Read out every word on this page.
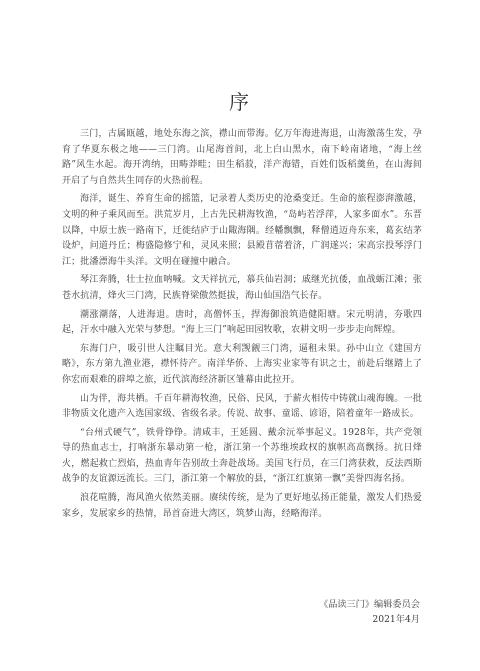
序

三门，古属瓯越，地处东海之滨，襟山而带海。亿万年海进海退，山海激荡生发，孕育了华夏东极之地——三门湾。山尾海首间，北上白山黑水，南下岭南诸地，“海上丝路”风生水起。海开湾纳，田畴莽畦；田生稻菽，洋产海错，百姓们饭稻羹鱼，在山海间开启了与自然共生同存的火热前程。

海洋，诞生、养育生命的摇篮，记录着人类历史的沧桑变迁。生命的旅程澎湃激越，文明的种子乘风而至。洪荒岁月，上古先民耕海牧渔，“岛屿若浮萍，人家多面水”。东晋以降，中原士族一路南下，迁徙结庐于山陬海隅。经幡飘飘，释僧逍迈舟东来，葛玄结茅设炉，问道丹丘；梅盛隐修宁和，灵风来照；县殿苜蓿着济，广润遂兴；宋高宗投琴浮门江；批潘漂海牛头洋。文明在碰撞中融合。

琴江奔腾，壮士拉血呐喊。文天祥抗元，慕兵仙岩洞；戚继光抗倭，血战蛎江滩；张苍水抗清，烽火三门湾，民族脊梁傲然挺拔，海山仙国浩气长存。

潮涨潮落，人进海退。唐时，高僧怀玉，捍海御浪筑造健阳塘。宋元明清，夯歌四起，汗水中融入光荣与梦想。“海上三门”响起田园牧歌，农耕文明一步步走向辉煌。

东海门户，吸引世人注瞩目光。意大利觊觎三门湾，逼租未果。孙中山立《建国方略》，东方第九渔业港，襟怀待产。南洋华侨、上海实业家等有识之士，前赴后继踏上了你宏而艰难的辟埠之旅，近代滨海经济新区雏幕由此拉开。

山为伴，海共栖。千百年耕海牧渔，民俗、民风，于薪火相传中铸就山魂海魄。一批非物质文化遗产入选国家级、省级名录。传说、故事、童谣、谚语，陪着童年一路成长。

“台州式硬气”，铁骨铮铮。清咸丰，王延圆、戴余沅举事起义。1928年，共产党领导的热血志士，打响浙东暴动第一枪，浙江第一个苏维埃政权的旗帜高高飘扬。抗日烽火，燃起救亡烈焰，热血青年告别故土奔赴战场。美国飞行员，在三门湾获救，反法西斯战争的友谊源远流长。三门，浙江第一个解放的县，“浙江红旗第一飘”美誉四海名扬。

浪花喧腾，海风渔火依然美丽。赓续传统，是为了更好地弘扬正能量，激发人们热爱家乡，发展家乡的热情，昂首奋进大湾区，筑梦山海，经略海洋。

《品读三门》编辑委员会
2021年4月
